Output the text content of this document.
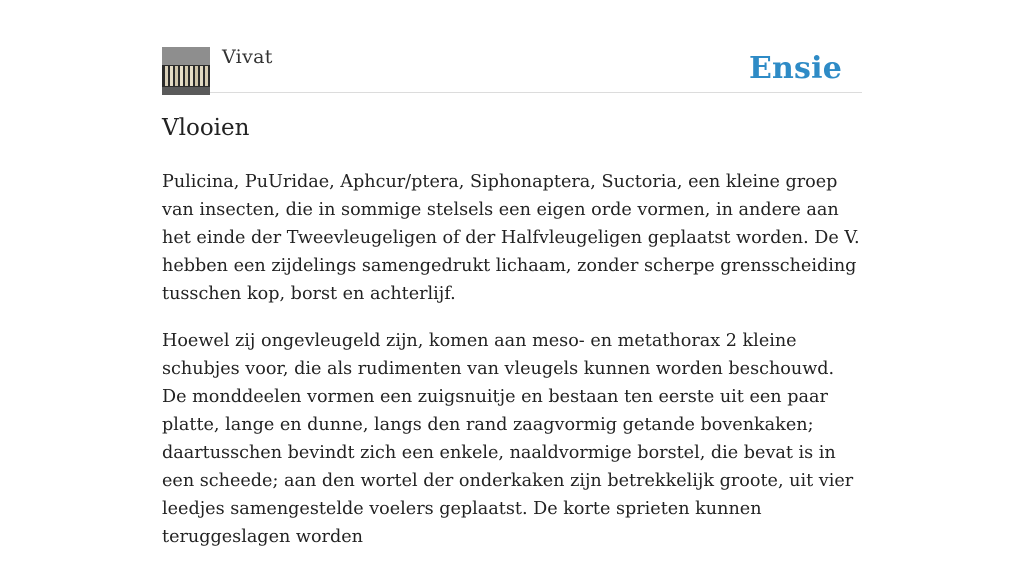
Vivat	Ensie
Vlooien

Pulicina, PuUridae, Aphcur/ptera, Siphonaptera, Suctoria, een kleine groep van insecten, die in sommige stelsels een eigen orde vormen, in andere aan het einde der Tweevleugeligen of der Halfvleugeligen geplaatst worden. De V. hebben een zijdelings samengedrukt lichaam, zonder scherpe grensscheiding tusschen kop, borst en achterlijf.

Hoewel zij ongevleugeld zijn, komen aan meso- en metathorax 2 kleine schubjes voor, die als rudimenten van vleugels kunnen worden beschouwd. De monddeelen vormen een zuigsnuitje en bestaan ten eerste uit een paar platte, lange en dunne, langs den rand zaagvormig getande bovenkaken; daartusschen bevindt zich een enkele, naaldvormige borstel, die bevat is in een scheede; aan den wortel der onderkaken zijn betrekkelijk groote, uit vier leedjes samengestelde voelers geplaatst. De korte sprieten kunnen teruggeslagen worden
